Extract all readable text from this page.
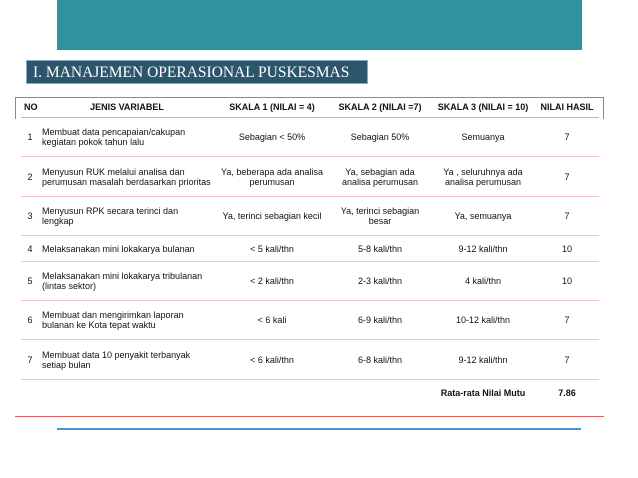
I. MANAJEMEN OPERASIONAL PUSKESMAS
NO	JENIS VARIABEL	SKALA 1 (NILAI = 4)	SKALA 2 (NILAI =7)	SKALA 3 (NILAI = 10)	NILAI HASIL
1	Membuat data pencapaian/cakupan kegiatan pokok tahun lalu	Sebagian < 50%	Sebagian 50%	Semuanya	7
2	Menyusun RUK melalui analisa dan perumusan masalah berdasarkan prioritas	Ya, beberapa ada analisa perumusan	Ya, sebagian ada analisa perumusan	Ya , seluruhnya ada analisa perumusan	7
3	Menyusun RPK secara terinci dan lengkap	Ya, terinci sebagian kecil	Ya, terinci sebagian besar	Ya, semuanya	7
4	Melaksanakan mini lokakarya bulanan	< 5 kali/thn	5-8 kali/thn	9-12 kali/thn	10
5	Melaksanakan mini lokakarya tribulanan (lintas sektor)	< 2 kali/thn	2-3 kali/thn	4 kali/thn	10
6	Membuat dan mengirimkan laporan bulanan ke Kota tepat waktu	< 6 kali	6-9 kali/thn	10-12 kali/thn	7
7	Membuat data 10 penyakit terbanyak setiap bulan	< 6 kali/thn	6-8 kali/thn	9-12 kali/thn	7
				Rata-rata Nilai Mutu	7.86
